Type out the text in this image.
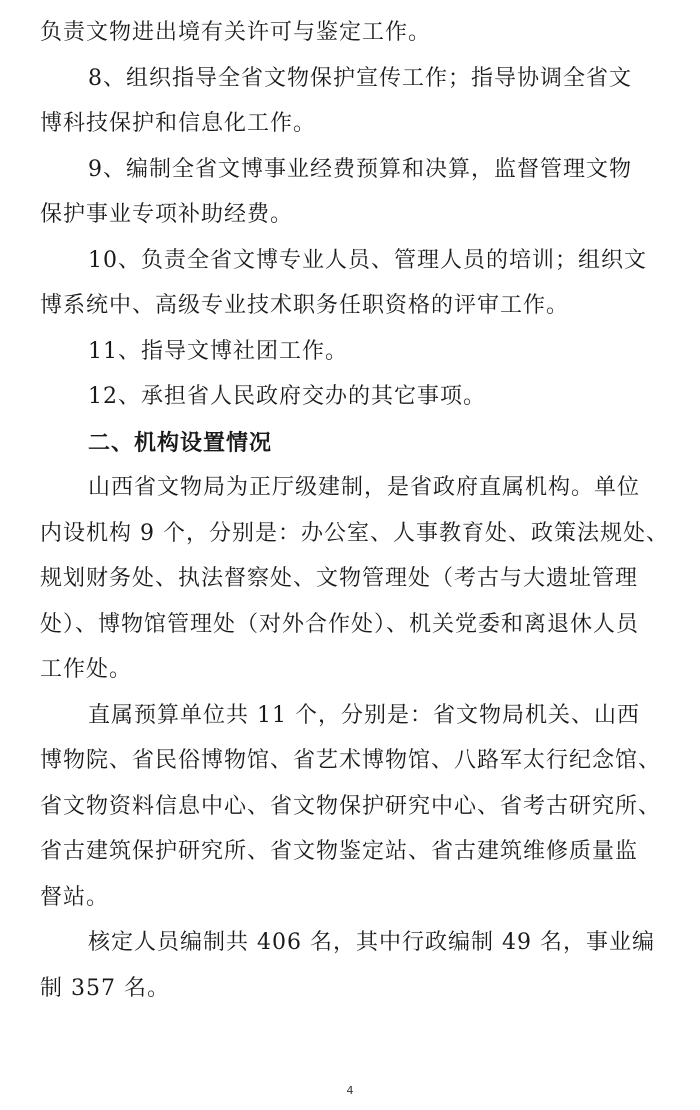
负责文物进出境有关许可与鉴定工作。
8、组织指导全省文物保护宣传工作；指导协调全省文
博科技保护和信息化工作。
9、编制全省文博事业经费预算和决算，监督管理文物
保护事业专项补助经费。
10、负责全省文博专业人员、管理人员的培训；组织文
博系统中、高级专业技术职务任职资格的评审工作。
11、指导文博社团工作。
12、承担省人民政府交办的其它事项。
二、机构设置情况
山西省文物局为正厅级建制，是省政府直属机构。单位
内设机构 9 个，分别是：办公室、人事教育处、政策法规处、
规划财务处、执法督察处、文物管理处（考古与大遗址管理
处）、博物馆管理处（对外合作处）、机关党委和离退休人员
工作处。
直属预算单位共 11 个，分别是：省文物局机关、山西
博物院、省民俗博物馆、省艺术博物馆、八路军太行纪念馆、
省文物资料信息中心、省文物保护研究中心、省考古研究所、
省古建筑保护研究所、省文物鉴定站、省古建筑维修质量监
督站。
核定人员编制共 406 名，其中行政编制 49 名，事业编
制 357 名。
4
